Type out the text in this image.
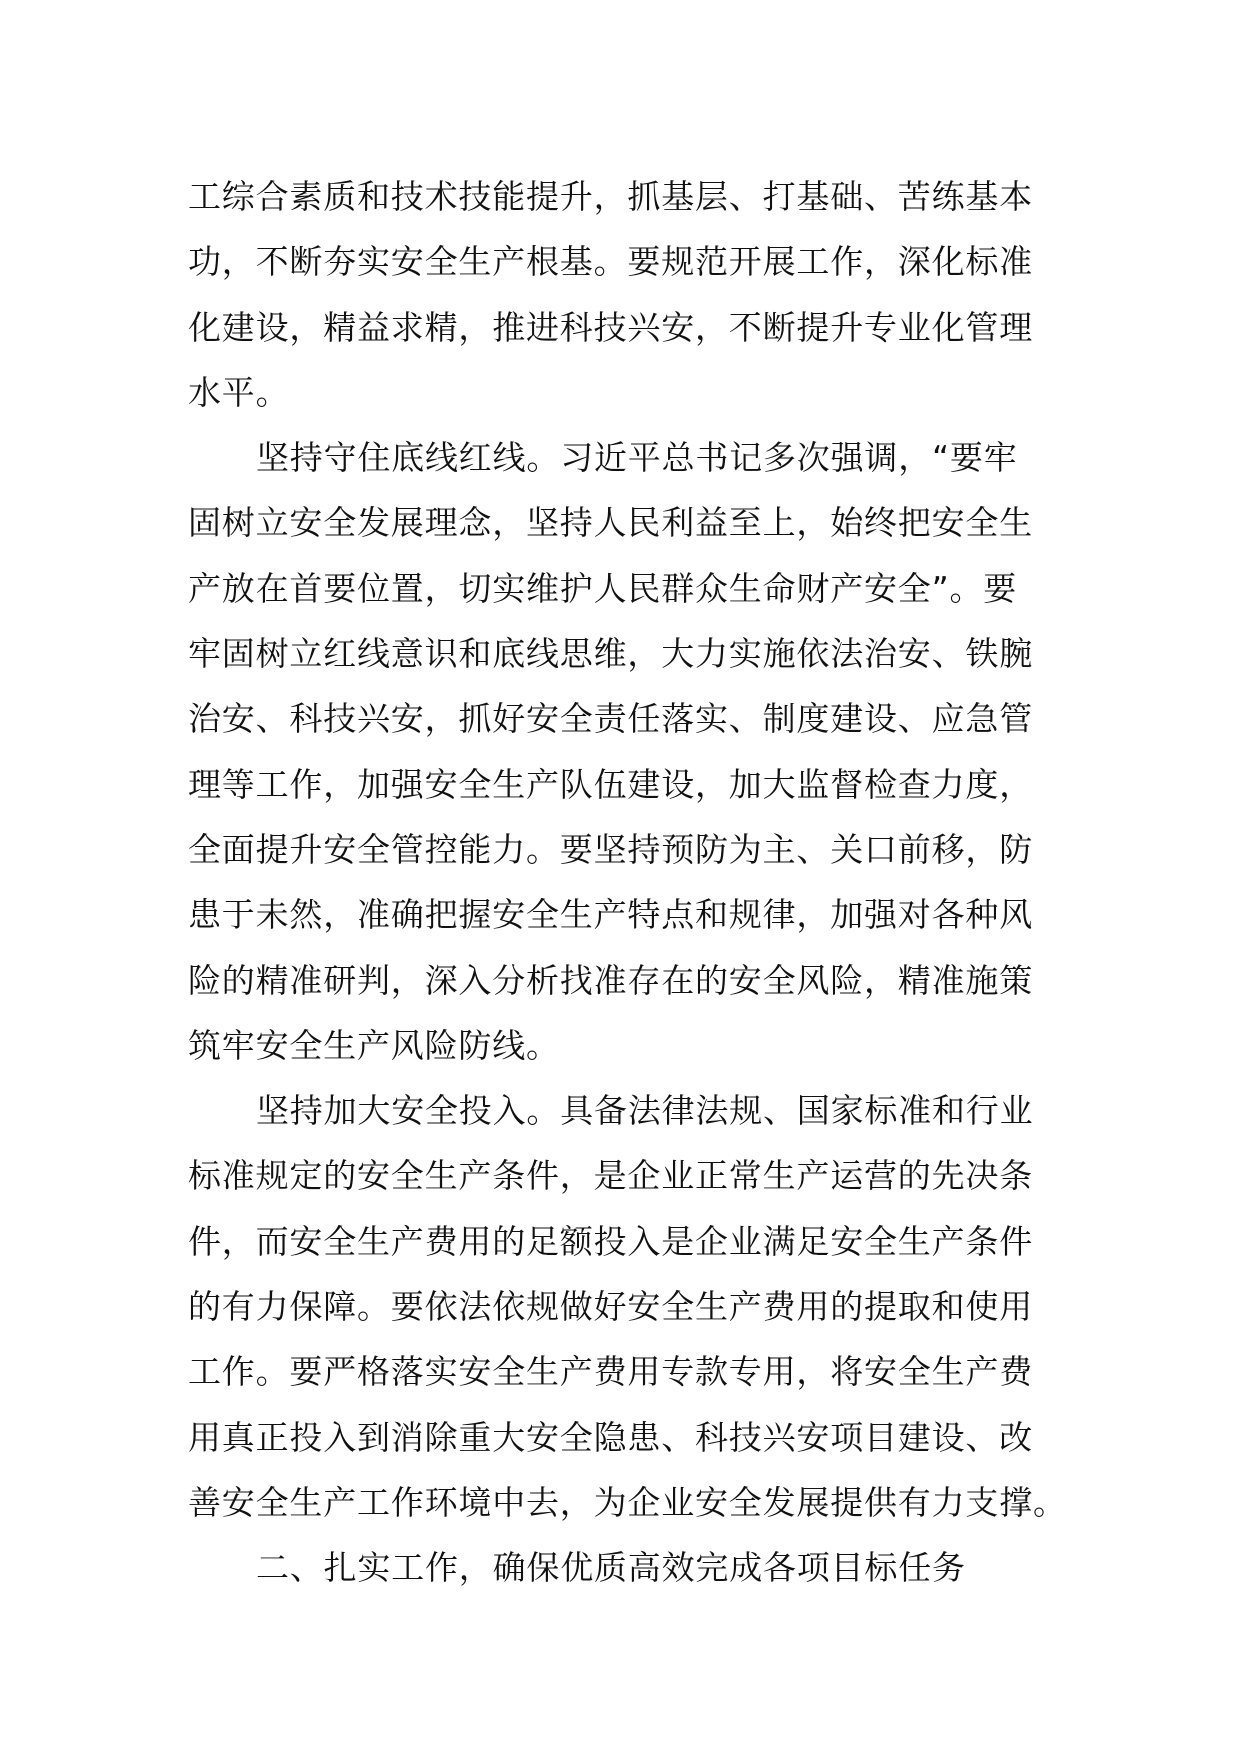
工综合素质和技术技能提升，抓基层、打基础、苦练基本
功，不断夯实安全生产根基。要规范开展工作，深化标准
化建设，精益求精，推进科技兴安，不断提升专业化管理
水平。
坚持守住底线红线。习近平总书记多次强调，“要牢
固树立安全发展理念，坚持人民利益至上，始终把安全生
产放在首要位置，切实维护人民群众生命财产安全”。要
牢固树立红线意识和底线思维，大力实施依法治安、铁腕
治安、科技兴安，抓好安全责任落实、制度建设、应急管
理等工作，加强安全生产队伍建设，加大监督检查力度，
全面提升安全管控能力。要坚持预防为主、关口前移，防
患于未然，准确把握安全生产特点和规律，加强对各种风
险的精准研判，深入分析找准存在的安全风险，精准施策
筑牢安全生产风险防线。
坚持加大安全投入。具备法律法规、国家标准和行业
标准规定的安全生产条件，是企业正常生产运营的先决条
件，而安全生产费用的足额投入是企业满足安全生产条件
的有力保障。要依法依规做好安全生产费用的提取和使用
工作。要严格落实安全生产费用专款专用，将安全生产费
用真正投入到消除重大安全隐患、科技兴安项目建设、改
善安全生产工作环境中去，为企业安全发展提供有力支撑。
二、扎实工作，确保优质高效完成各项目标任务
